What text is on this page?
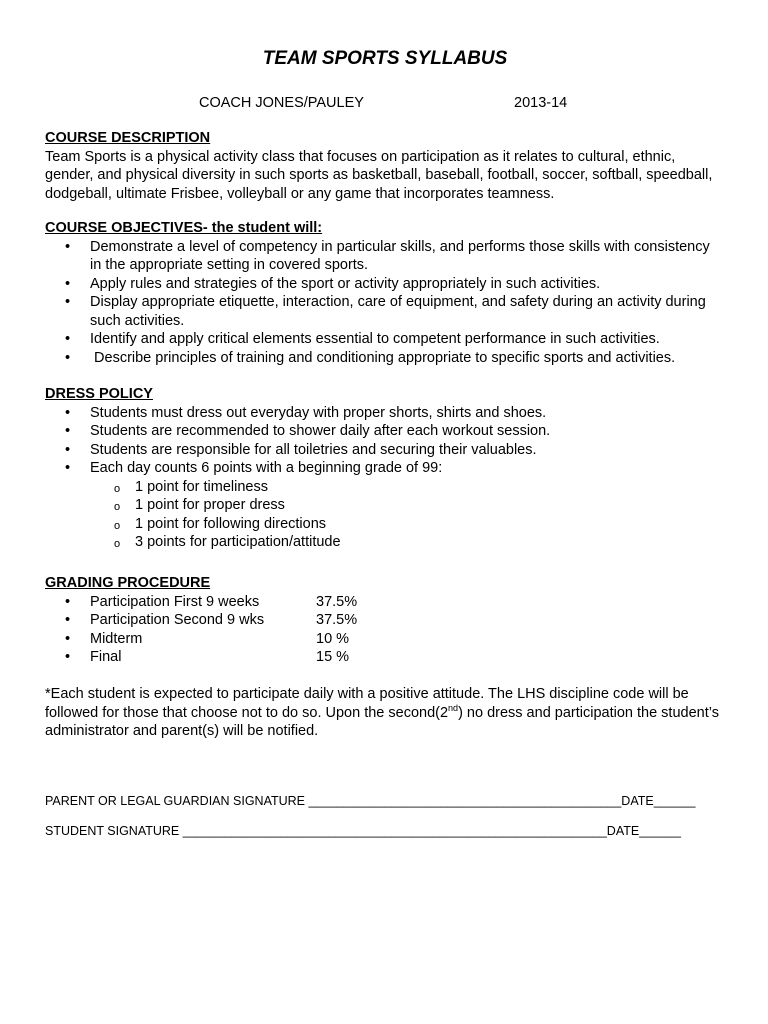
TEAM SPORTS SYLLABUS
COACH JONES/PAULEY	2013-14
COURSE DESCRIPTION

Team Sports is a physical activity class that focuses on participation as it relates to cultural, ethnic, gender, and physical diversity in such sports as basketball, baseball, football, soccer, softball, speedball, dodgeball, ultimate Frisbee, volleyball or any game that incorporates teamness.

COURSE OBJECTIVES- the student will:
• Demonstrate a level of competency in particular skills, and performs those skills with consistency in the appropriate setting in covered sports.
• Apply rules and strategies of the sport or activity appropriately in such activities.
• Display appropriate etiquette, interaction, care of equipment, and safety during an activity during such activities.
• Identify and apply critical elements essential to competent performance in such activities.
• Describe principles of training and conditioning appropriate to specific sports and activities.
DRESS POLICY
• Students must dress out everyday with proper shorts, shirts and shoes.
• Students are recommended to shower daily after each workout session.
• Students are responsible for all toiletries and securing their valuables.
• Each day counts 6 points with a beginning grade of 99:
o 1 point for timeliness
o 1 point for proper dress
o 1 point for following directions
o 3 points for participation/attitude
GRADING PROCEDURE
• Participation First 9 weeks	37.5%
• Participation Second 9 wks	37.5%
• Midterm	10 %
• Final	15 %

*Each student is expected to participate daily with a positive attitude. The LHS discipline code will be followed for those that choose not to do so. Upon the second(2nd) no dress and participation the student’s administrator and parent(s) will be notified.

PARENT OR LEGAL GUARDIAN SIGNATURE _____________________________________________DATE______
STUDENT SIGNATURE _____________________________________________________________DATE______
